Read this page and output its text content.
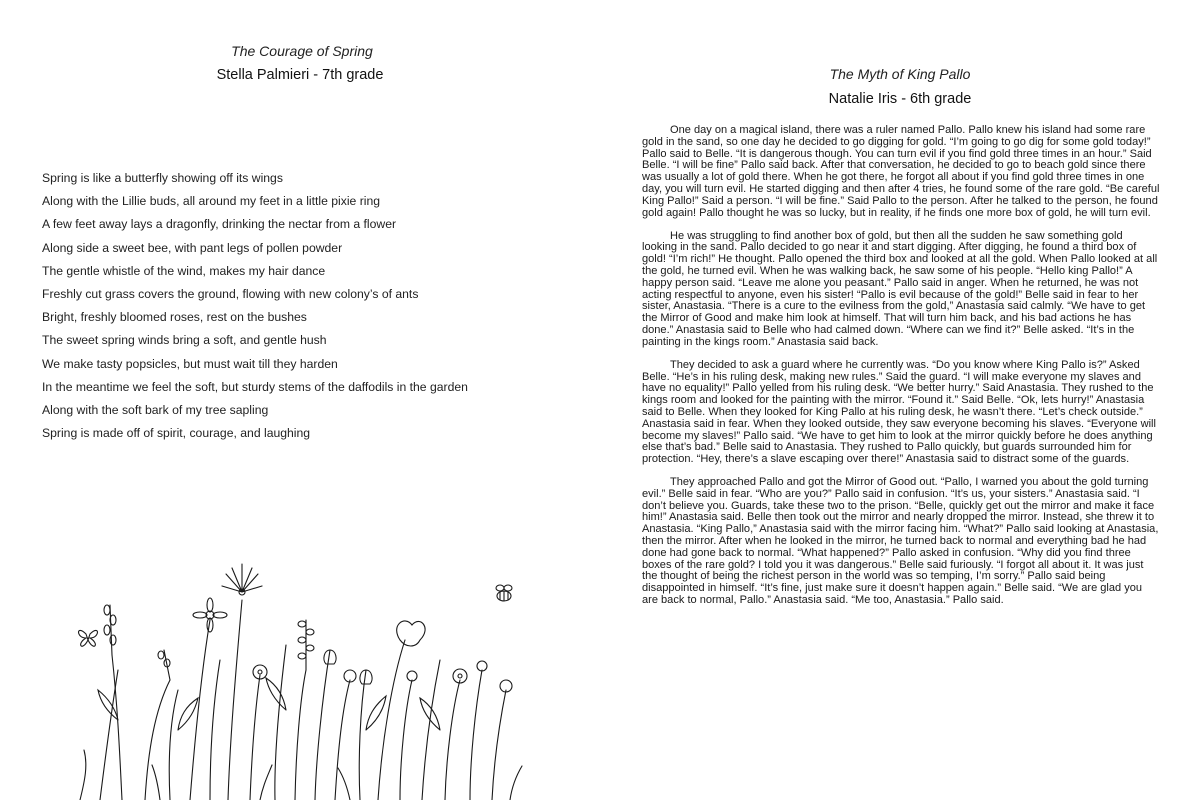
The Courage of Spring
Stella Palmieri - 7th grade
Spring is like a butterfly showing off its wings
Along with the Lillie buds, all around my feet in a little pixie ring
A few feet away lays a dragonfly, drinking the nectar from a flower
Along side a sweet bee, with pant legs of pollen powder
The gentle whistle of the wind, makes my hair dance
Freshly cut grass covers the ground, flowing with new colony’s of ants
Bright, freshly bloomed roses, rest on the bushes
The sweet spring winds bring a soft, and gentle hush
We make tasty popsicles, but must wait till they harden
In the meantime we feel the soft, but sturdy stems of the daffodils in the garden
Along with the soft bark of my tree sapling
Spring is made off of spirit, courage, and laughing
The Myth of King Pallo
Natalie Iris - 6th grade

One day on a magical island, there was a ruler named Pallo. Pallo knew his island had some rare gold in the sand, so one day he decided to go digging for gold. “I’m going to go dig for some gold today!” Pallo said to Belle. “It is dangerous though. You can turn evil if you find gold three times in an hour.” Said Belle. “I will be fine” Pallo said back. After that conversation, he decided to go to beach gold since there was usually a lot of gold there. When he got there, he forgot all about if you find gold three times in one day, you will turn evil. He started digging and then after 4 tries, he found some of the rare gold. “Be careful King Pallo!” Said a person. “I will be fine.” Said Pallo to the person. After he talked to the person, he found gold again! Pallo thought he was so lucky, but in reality, if he finds one more box of gold, he will turn evil.

He was struggling to find another box of gold, but then all the sudden he saw something gold looking in the sand. Pallo decided to go near it and start digging. After digging, he found a third box of gold! “I’m rich!” He thought. Pallo opened the third box and looked at all the gold. When Pallo looked at all the gold, he turned evil. When he was walking back, he saw some of his people. “Hello king Pallo!” A happy person said. “Leave me alone you peasant.” Pallo said in anger. When he returned, he was not acting respectful to anyone, even his sister! “Pallo is evil because of the gold!” Belle said in fear to her sister, Anastasia. “There is a cure to the evilness from the gold,” Anastasia said calmly. “We have to get the Mirror of Good and make him look at himself. That will turn him back, and his bad actions he has done.” Anastasia said to Belle who had calmed down. “Where can we find it?” Belle asked. “It’s in the painting in the kings room.” Anastasia said back.

They decided to ask a guard where he currently was. “Do you know where King Pallo is?” Asked Belle. “He’s in his ruling desk, making new rules.” Said the guard. “I will make everyone my slaves and have no equality!” Pallo yelled from his ruling desk. “We better hurry.” Said Anastasia. They rushed to the kings room and looked for the painting with the mirror. “Found it.” Said Belle. “Ok, lets hurry!” Anastasia said to Belle. When they looked for King Pallo at his ruling desk, he wasn’t there. “Let’s check outside.” Anastasia said in fear. When they looked outside, they saw everyone becoming his slaves. “Everyone will become my slaves!” Pallo said. “We have to get him to look at the mirror quickly before he does anything else that’s bad.” Belle said to Anastasia. They rushed to Pallo quickly, but guards surrounded him for protection. “Hey, there’s a slave escaping over there!” Anastasia said to distract some of the guards.

They approached Pallo and got the Mirror of Good out. “Pallo, I warned you about the gold turning evil.” Belle said in fear. “Who are you?” Pallo said in confusion. “It’s us, your sisters.” Anastasia said. “I don’t believe you. Guards, take these two to the prison. “Belle, quickly get out the mirror and make it face him!” Anastasia said. Belle then took out the mirror and nearly dropped the mirror. Instead, she threw it to Anastasia. “King Pallo,” Anastasia said with the mirror facing him. “What?” Pallo said looking at Anastasia, then the mirror. After when he looked in the mirror, he turned back to normal and everything bad he had done had gone back to normal. “What happened?” Pallo asked in confusion. “Why did you find three boxes of the rare gold? I told you it was dangerous.” Belle said furiously. “I forgot all about it. It was just the thought of being the richest person in the world was so temping, I’m sorry.” Pallo said being disappointed in himself. “It’s fine, just make sure it doesn’t happen again.” Belle said. “We are glad you are back to normal, Pallo.” Anastasia said. “Me too, Anastasia.” Pallo said.
